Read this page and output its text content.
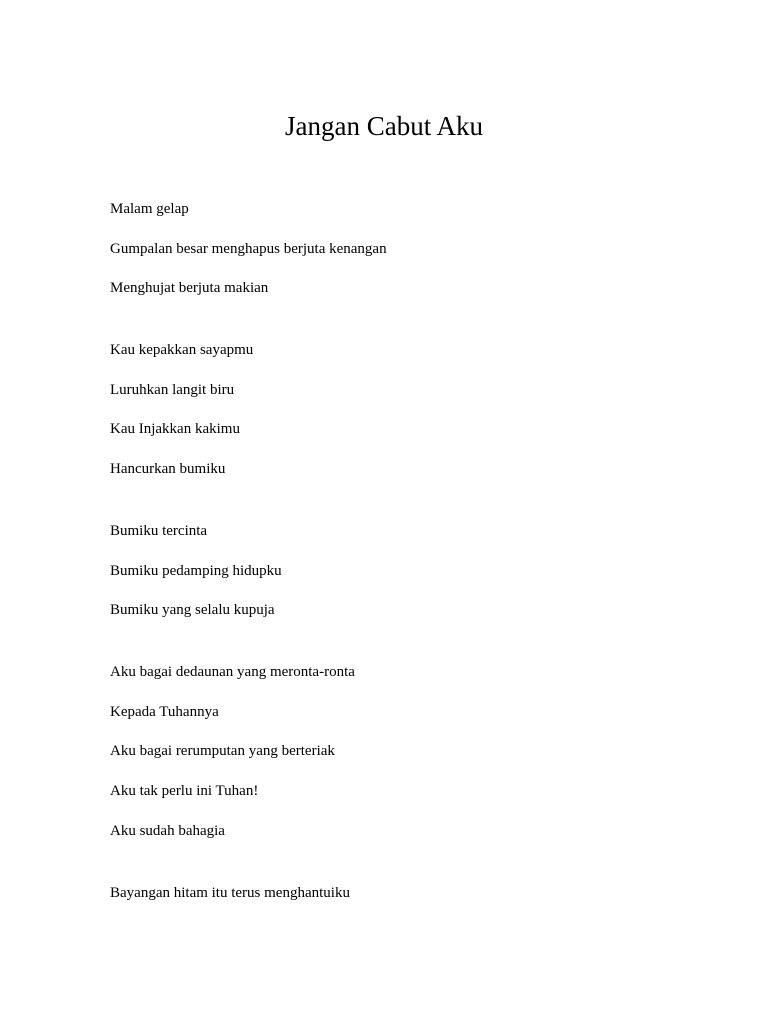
Jangan Cabut Aku
Malam gelap
Gumpalan besar menghapus berjuta kenangan
Menghujat berjuta makian
Kau kepakkan sayapmu
Luruhkan langit biru
Kau Injakkan kakimu
Hancurkan bumiku
Bumiku tercinta
Bumiku pedamping hidupku
Bumiku yang selalu kupuja
Aku bagai dedaunan yang meronta-ronta
Kepada Tuhannya
Aku bagai rerumputan yang berteriak
Aku tak perlu ini Tuhan!
Aku sudah bahagia
Bayangan hitam itu terus menghantuiku
